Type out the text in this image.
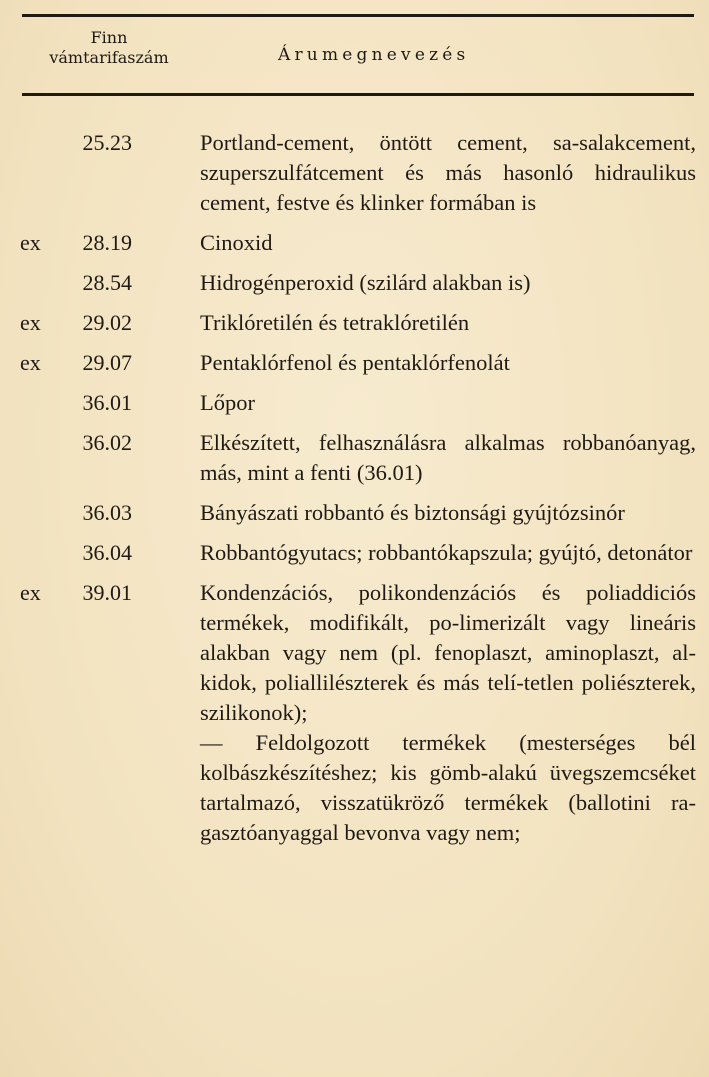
Finn
vámtarifaszám	Árumegnevezés
25.23	Portland-cement, öntött cement, sa-salakcement, szuperszulfátcement és más hasonló hidraulikus cement, festve és klinker formában is
ex	28.19	Cinoxid
28.54	Hidrogénperoxid (szilárd alakban is)
ex	29.02	Triklóretilén és tetraklóretilén
ex	29.07	Pentaklórfenol és pentaklórfenolát
36.01	Lőpor
36.02	Elkészített, felhasználásra alkalmas robbanóanyag, más, mint a fenti (36.01)
36.03	Bányászati robbantó és biztonsági gyújtózsinór
36.04	Robbantógyutacs; robbantókapszula; gyújtó, detonátor
ex	39.01	Kondenzációs, polikondenzációs és poliaddiciós termékek, modifikált, po-limerizált vagy lineáris alakban vagy nem (pl. fenoplaszt, aminoplaszt, al-kidok, poliallilészterek és más telí-tetlen poliészterek, szilikonok);
— Feldolgozott termékek (mesterséges bél kolbászkészítéshez; kis gömb-alakú üvegszemcséket tartalmazó, visszatükröző termékek (ballotini ra-gasztóanyaggal bevonva vagy nem;
